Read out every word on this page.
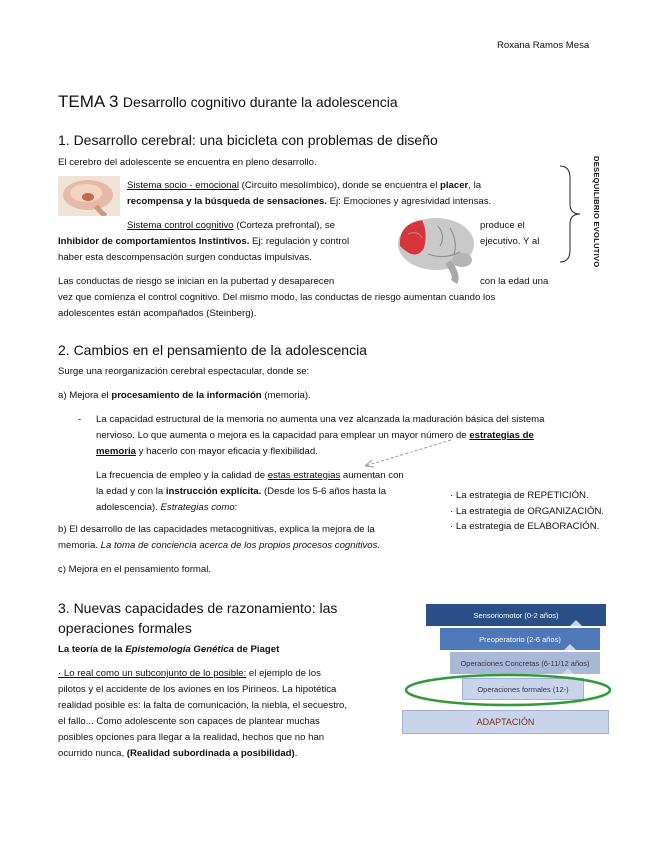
Roxana Ramos Mesa
TEMA 3 Desarrollo cognitivo durante la adolescencia
1. Desarrollo cerebral: una bicicleta con problemas de diseño
El cerebro del adolescente se encuentra en pleno desarrollo.
Sistema socio - emocional (Circuito mesolímbico), donde se encuentra el placer, la
recompensa y la búsqueda de sensaciones. Ej: Emociones y agresividad intensas.
Sistema control cognitivo (Corteza prefrontal), se	produce el
Inhibidor de comportamientos Instintivos. Ej: regulación y control	ejecutivo. Y al
haber esta descompensación surgen conductas impulsivas.
Las conductas de riesgo se inician en la pubertad y desaparecen	con la edad una
vez que comienza el control cognitivo. Del mismo modo, las conductas de riesgo aumentan cuando los
adolescentes están acompañados (Steinberg).
DESEQUILIBRIO EVOLUTIVO
2. Cambios en el pensamiento de la adolescencia
Surge una reorganización cerebral espectacular, donde se:
a) Mejora el procesamiento de la información (memoria).
- La capacidad estructural de la memoria no aumenta una vez alcanzada la maduración básica del sistema
nervioso. Lo que aumenta o mejora es la capacidad para emplear un mayor número de estrategias de
memoria y hacerlo con mayor eficacia y flexibilidad.
La frecuencia de empleo y la calidad de estas estrategias aumentan con
la edad y con la instrucción explícita. (Desde los 5-6 años hasta la
adolescencia). Estrategias como:
· La estrategia de REPETICIÓN.
· La estrategia de ORGANIZACIÓN.
· La estrategia de ELABORACIÓN.
b) El desarrollo de las capacidades metacognitivas, explica la mejora de la
memoria. La toma de conciencia acerca de los propios procesos cognitivos.
c) Mejora en el pensamiento formal.
3. Nuevas capacidades de razonamiento: las
operaciones formales
La teoría de la Epistemología Genética de Piaget
· Lo real como un subconjunto de lo posible: el ejemplo de los
pilotos y el accidente de los aviones en los Pirineos. La hipotética
realidad posible es: la falta de comunicación, la niebla, el secuestro,
el fallo... Como adolescente son capaces de plantear muchas
posibles opciones para llegar a la realidad, hechos que no han
ocurrido nunca, (Realidad subordinada a posibilidad).
Sensoriomotor (0-2 años)
Preoperatorio (2-6 años)
Operaciones Concretas (6-11/12 años)
Operaciones formales (12-)
ADAPTACIÓN
